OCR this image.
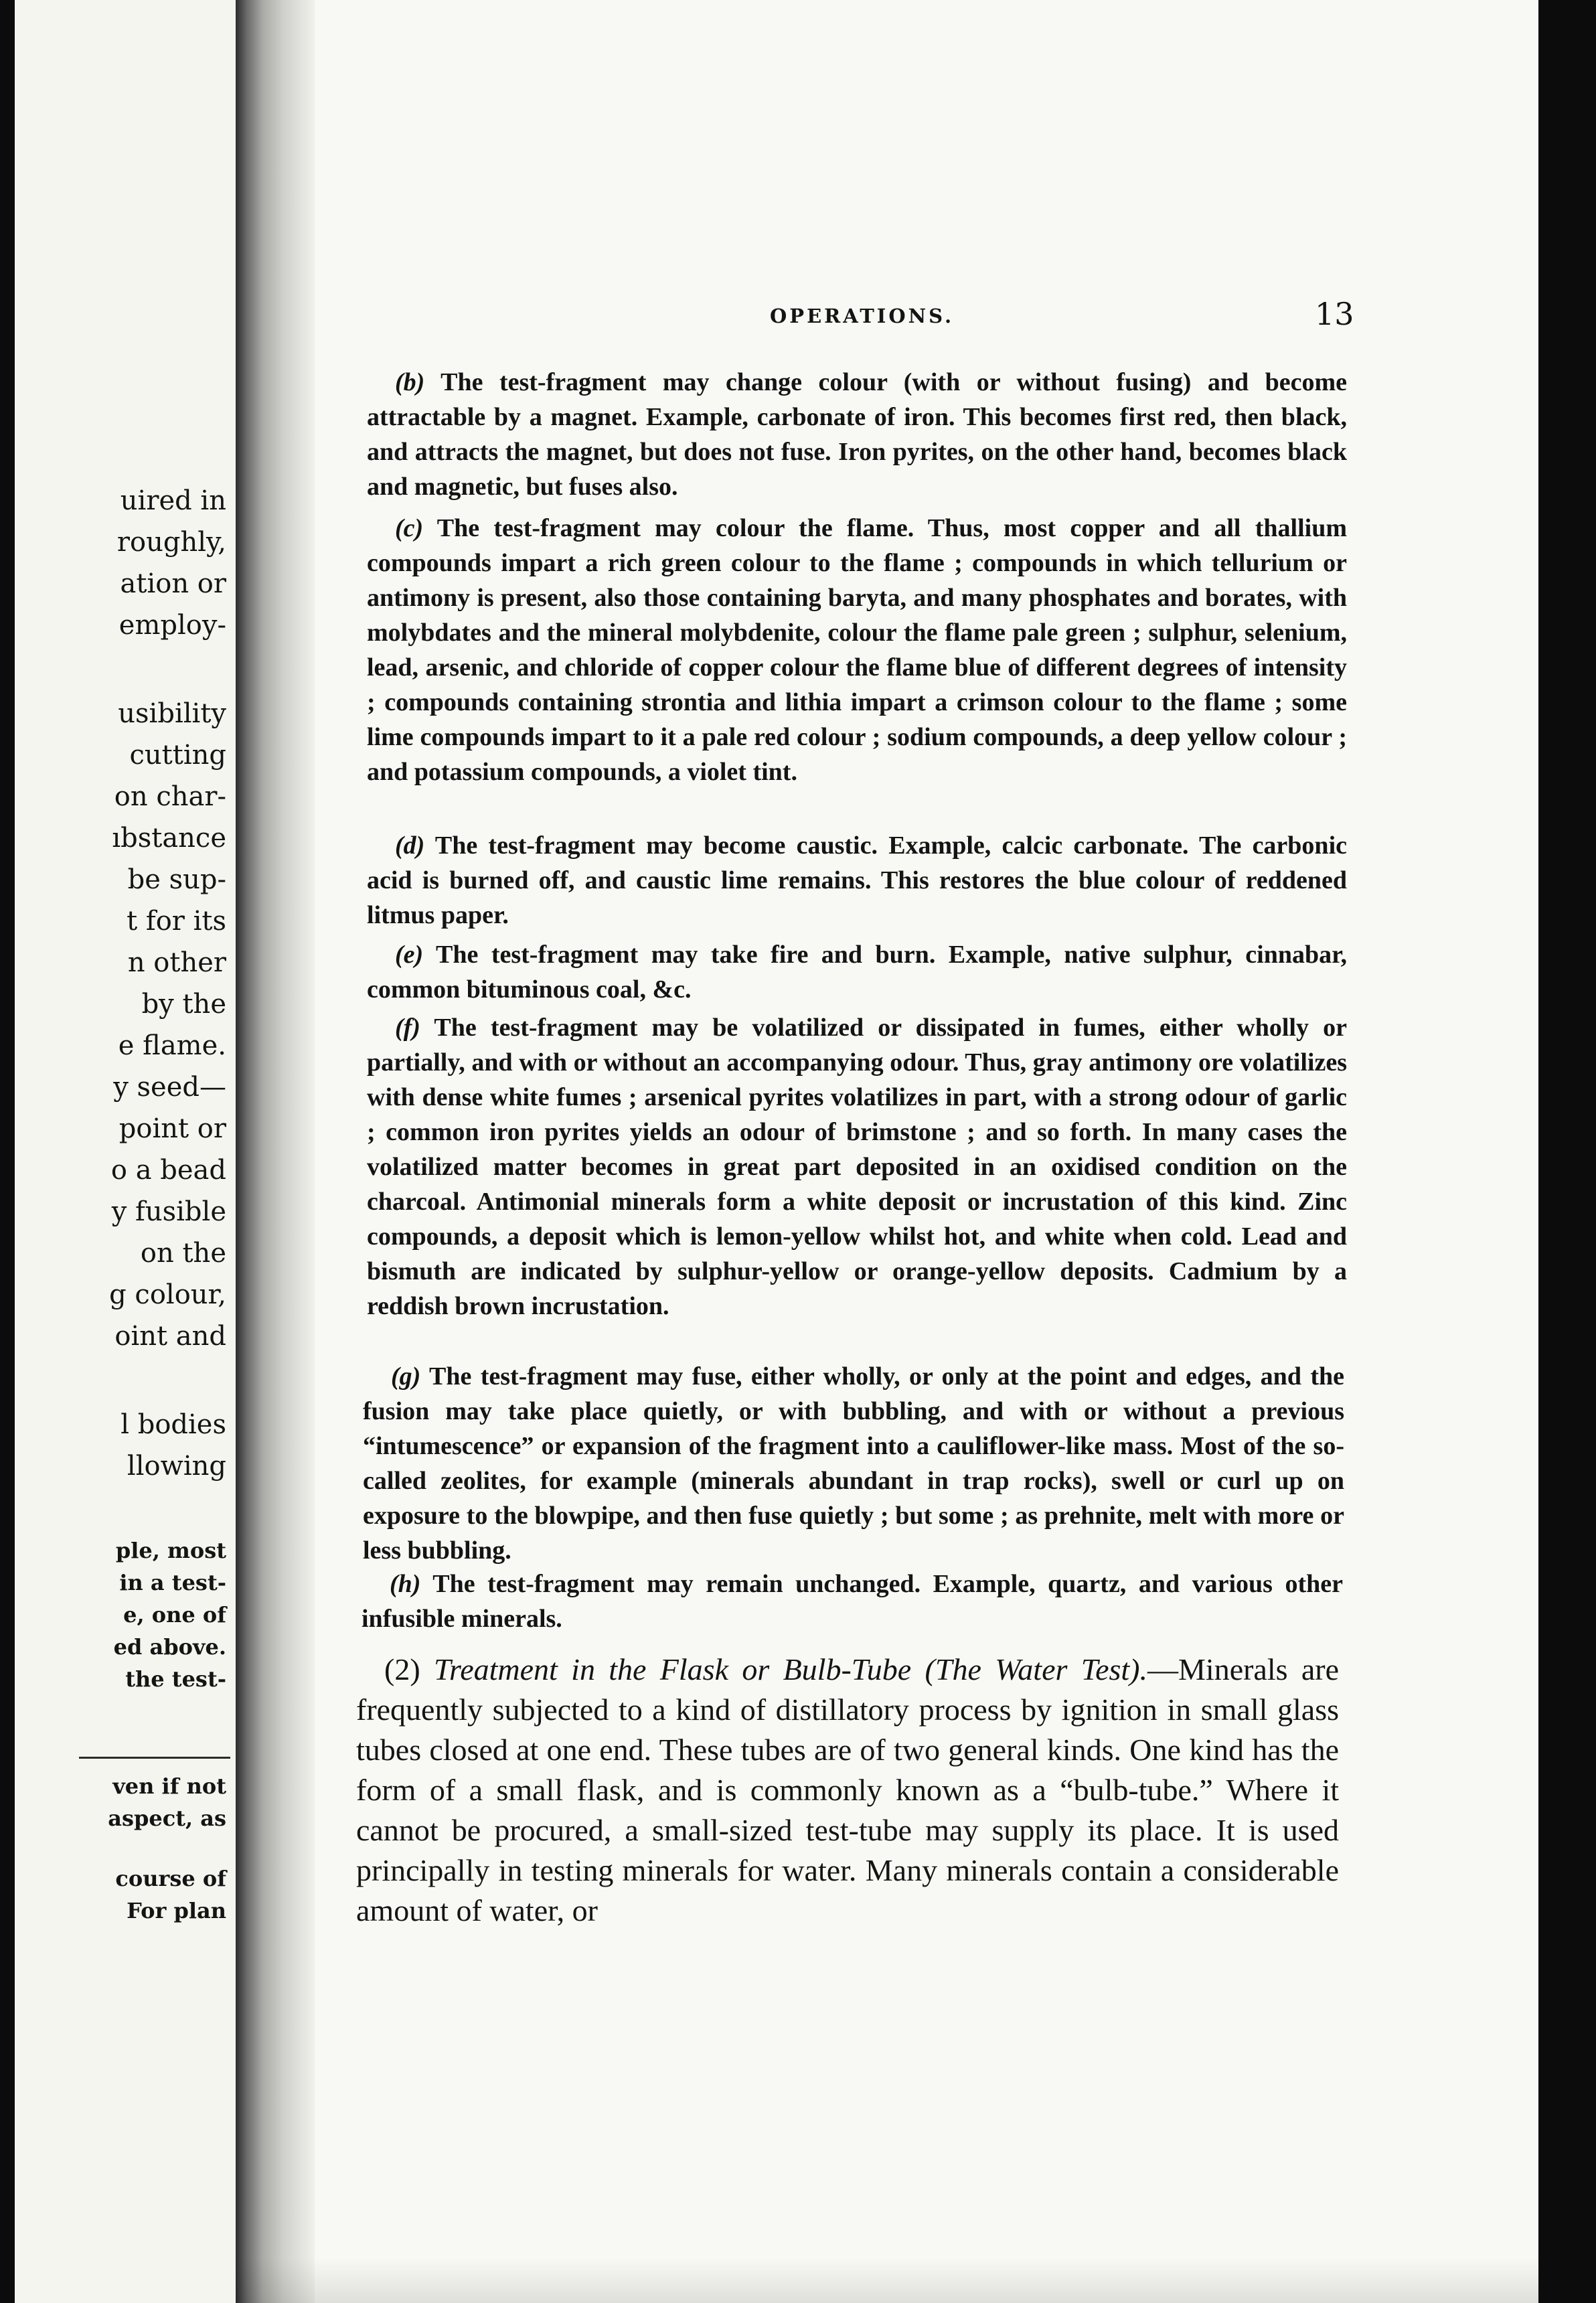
uired in

roughly,

ation or

employ-

usibility

cutting

on char-

ıbstance

be sup-

t for its

n other

by the

e flame.

y seed—

point or

o a bead

y fusible

on the

g colour,

oint and

l bodies

llowing

ple, most

in a test-

e, one of

ed above.

the test-

ven if not

aspect, as

course of

For plan

OPERATIONS.	13

(b) The test-fragment may change colour (with or without fusing) and become attractable by a magnet. Example, carbonate of iron. This becomes first red, then black, and attracts the magnet, but does not fuse. Iron pyrites, on the other hand, becomes black and magnetic, but fuses also.

(c) The test-fragment may colour the flame. Thus, most copper and all thallium compounds impart a rich green colour to the flame ; compounds in which tellurium or antimony is present, also those containing baryta, and many phosphates and borates, with molybdates and the mineral molybdenite, colour the flame pale green ; sulphur, selenium, lead, arsenic, and chloride of copper colour the flame blue of different degrees of intensity ; compounds containing strontia and lithia impart a crimson colour to the flame ; some lime compounds impart to it a pale red colour ; sodium compounds, a deep yellow colour ; and potassium compounds, a violet tint.

(d) The test-fragment may become caustic. Example, calcic carbonate. The carbonic acid is burned off, and caustic lime remains. This restores the blue colour of reddened litmus paper.

(e) The test-fragment may take fire and burn. Example, native sulphur, cinnabar, common bituminous coal, &c.

(f) The test-fragment may be volatilized or dissipated in fumes, either wholly or partially, and with or without an accompanying odour. Thus, gray antimony ore volatilizes with dense white fumes ; arsenical pyrites volatilizes in part, with a strong odour of garlic ; common iron pyrites yields an odour of brimstone ; and so forth. In many cases the volatilized matter becomes in great part deposited in an oxidised condition on the charcoal. Antimonial minerals form a white deposit or incrustation of this kind. Zinc compounds, a deposit which is lemon-yellow whilst hot, and white when cold. Lead and bismuth are indicated by sulphur-yellow or orange-yellow deposits. Cadmium by a reddish brown incrustation.

(g) The test-fragment may fuse, either wholly, or only at the point and edges, and the fusion may take place quietly, or with bubbling, and with or without a previous “intumescence” or expansion of the fragment into a cauliflower-like mass. Most of the so-called zeolites, for example (minerals abundant in trap rocks), swell or curl up on exposure to the blowpipe, and then fuse quietly ; but some ; as prehnite, melt with more or less bubbling.

(h) The test-fragment may remain unchanged. Example, quartz, and various other infusible minerals.

(2) Treatment in the Flask or Bulb-Tube (The Water Test).—Minerals are frequently subjected to a kind of distillatory process by ignition in small glass tubes closed at one end. These tubes are of two general kinds. One kind has the form of a small flask, and is commonly known as a “bulb-tube.” Where it cannot be procured, a small-sized test-tube may supply its place. It is used principally in testing minerals for water. Many minerals contain a considerable amount of water, or
